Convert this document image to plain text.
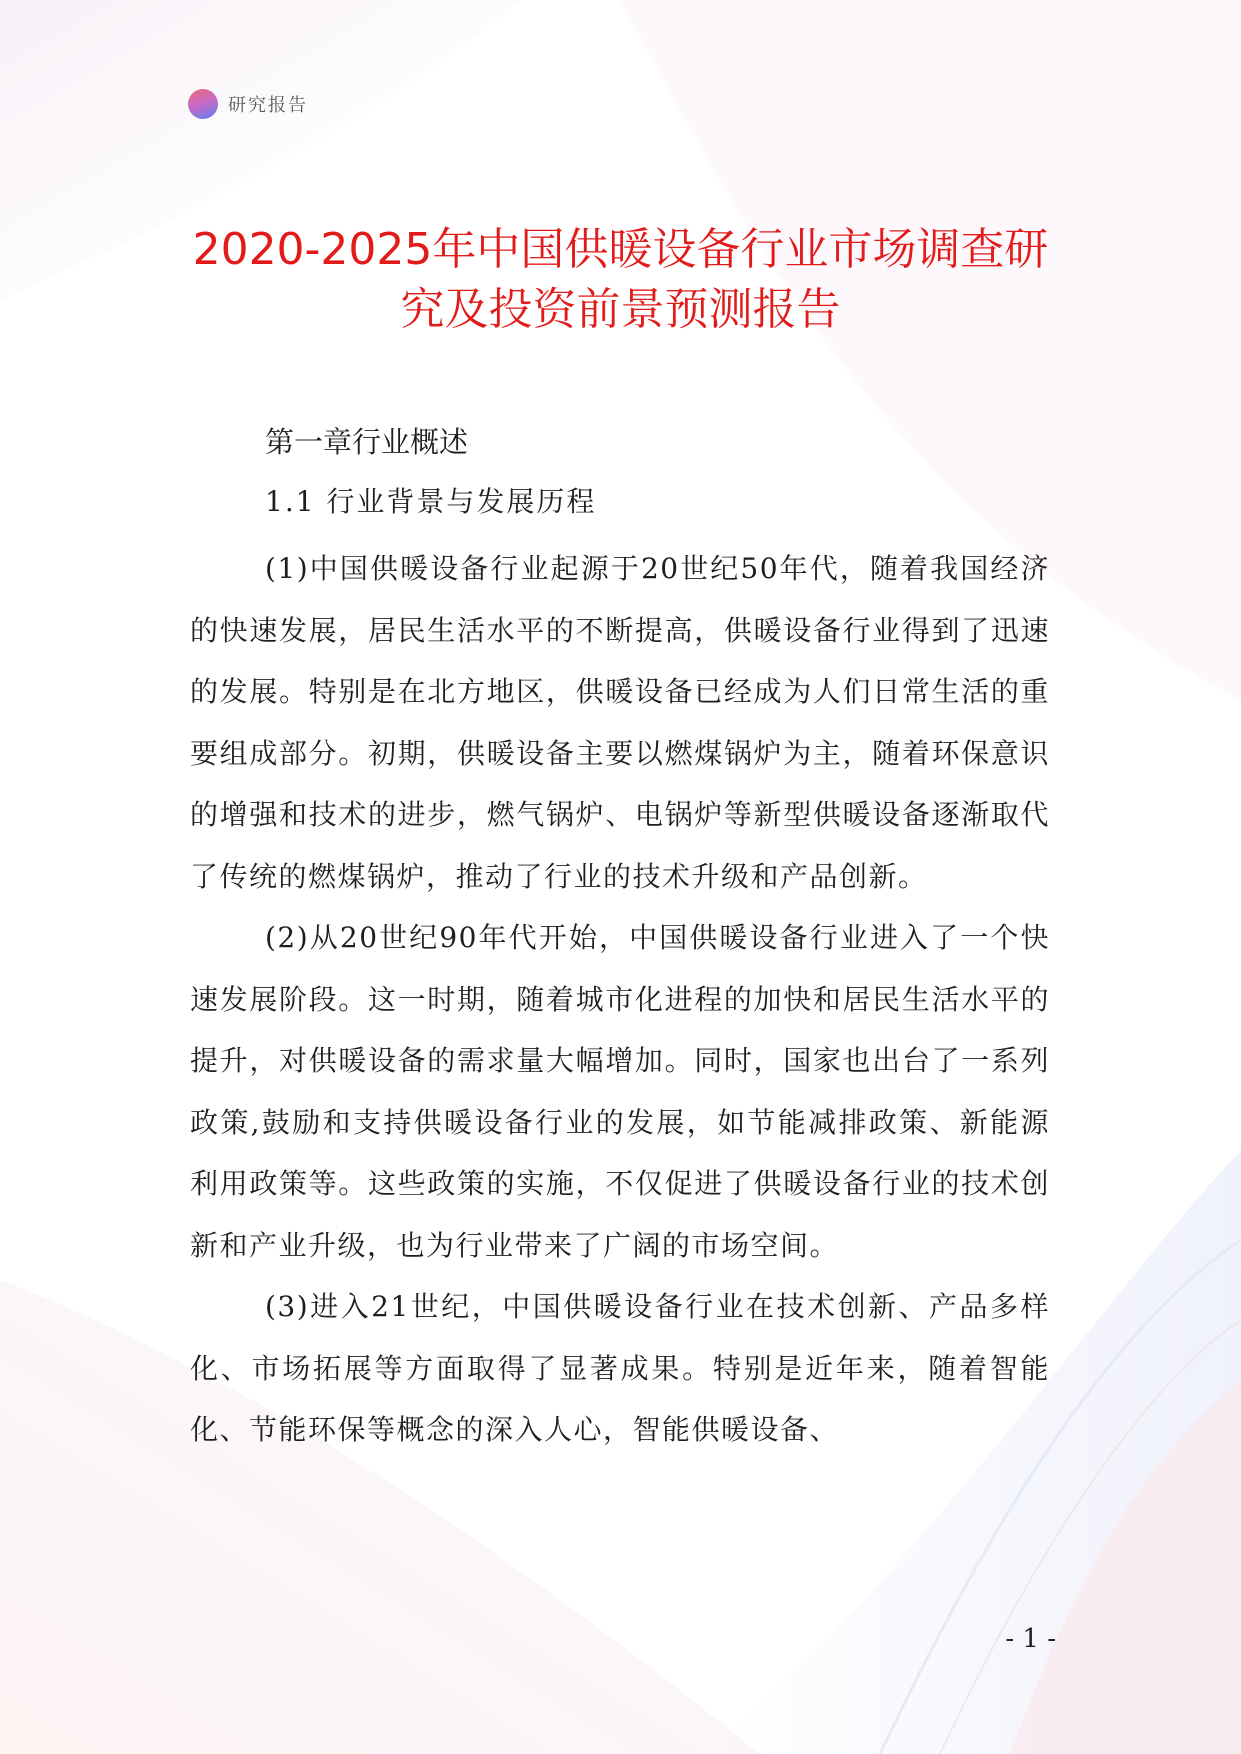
研究报告
2020-2025年中国供暖设备行业市场调查研
究及投资前景预测报告
第一章行业概述
1.1 行业背景与发展历程

(1)中国供暖设备行业起源于20世纪50年代，随着我国经济的快速发展，居民生活水平的不断提高，供暖设备行业得到了迅速的发展。特别是在北方地区，供暖设备已经成为人们日常生活的重要组成部分。初期，供暖设备主要以燃煤锅炉为主，随着环保意识的增强和技术的进步，燃气锅炉、电锅炉等新型供暖设备逐渐取代了传统的燃煤锅炉，推动了行业的技术升级和产品创新。

(2)从20世纪90年代开始，中国供暖设备行业进入了一个快速发展阶段。这一时期，随着城市化进程的加快和居民生活水平的提升，对供暖设备的需求量大幅增加。同时，国家也出台了一系列政策,鼓励和支持供暖设备行业的发展，如节能减排政策、新能源利用政策等。这些政策的实施，不仅促进了供暖设备行业的技术创新和产业升级，也为行业带来了广阔的市场空间。

(3)进入21世纪，中国供暖设备行业在技术创新、产品多样化、市场拓展等方面取得了显著成果。特别是近年来，随着智能化、节能环保等概念的深入人心，智能供暖设备、

- 1 -
